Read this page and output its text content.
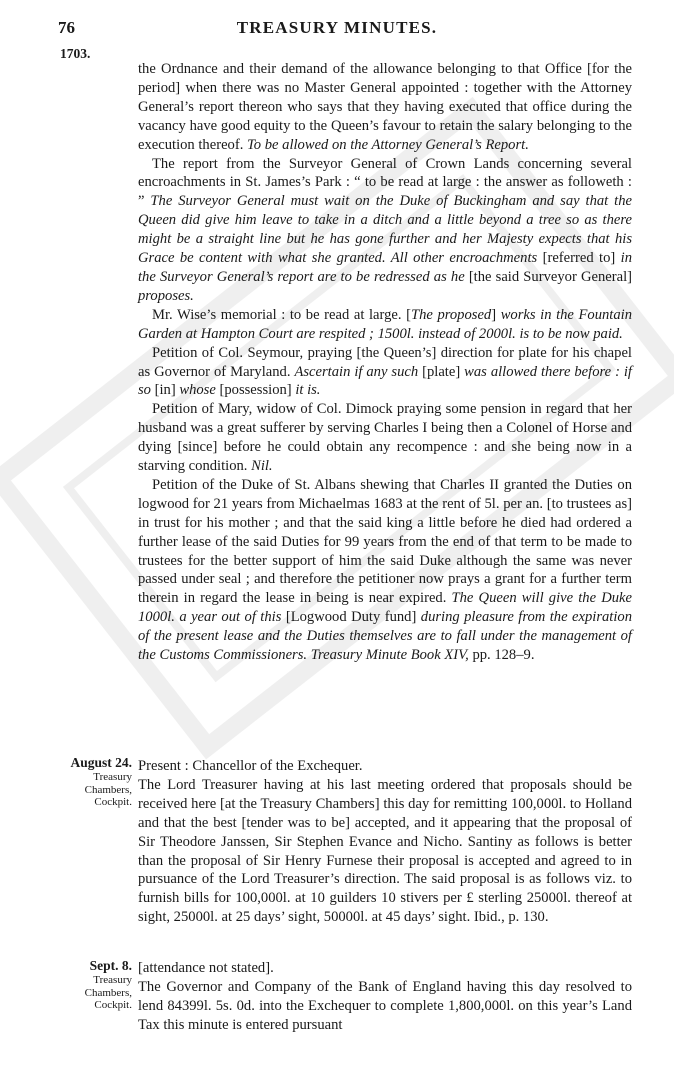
76	TREASURY MINUTES.
1703.

the Ordnance and their demand of the allowance belonging to that Office [for the period] when there was no Master General appointed : together with the Attorney General’s report thereon who says that they having executed that office during the vacancy have good equity to the Queen’s favour to retain the salary belonging to the execution thereof. To be allowed on the Attorney General’s Report.

The report from the Surveyor General of Crown Lands concerning several encroachments in St. James’s Park : “ to be read at large : the answer as followeth : ” The Surveyor General must wait on the Duke of Buckingham and say that the Queen did give him leave to take in a ditch and a little beyond a tree so as there might be a straight line but he has gone further and her Majesty expects that his Grace be content with what she granted. All other encroachments [referred to] in the Surveyor General’s report are to be redressed as he [the said Surveyor General] proposes.

Mr. Wise’s memorial : to be read at large. [The proposed] works in the Fountain Garden at Hampton Court are respited ; 1500l. instead of 2000l. is to be now paid.

Petition of Col. Seymour, praying [the Queen’s] direction for plate for his chapel as Governor of Maryland. Ascertain if any such [plate] was allowed there before : if so [in] whose [possession] it is.

Petition of Mary, widow of Col. Dimock praying some pension in regard that her husband was a great sufferer by serving Charles I being then a Colonel of Horse and dying [since] before he could obtain any recompence : and she being now in a starving condition. Nil.

Petition of the Duke of St. Albans shewing that Charles II granted the Duties on logwood for 21 years from Michaelmas 1683 at the rent of 5l. per an. [to trustees as] in trust for his mother ; and that the said king a little before he died had ordered a further lease of the said Duties for 99 years from the end of that term to be made to trustees for the better support of him the said Duke although the same was never passed under seal ; and therefore the petitioner now prays a grant for a further term therein in regard the lease in being is near expired. The Queen will give the Duke 1000l. a year out of this [Logwood Duty fund] during pleasure from the expiration of the present lease and the Duties themselves are to fall under the management of the Customs Commissioners. Treasury Minute Book XIV, pp. 128–9.

August 24.
Treasury
Chambers,
Cockpit.

Present : Chancellor of the Exchequer.

The Lord Treasurer having at his last meeting ordered that proposals should be received here [at the Treasury Chambers] this day for remitting 100,000l. to Holland and that the best [tender was to be] accepted, and it appearing that the proposal of Sir Theodore Janssen, Sir Stephen Evance and Nicho. Santiny as follows is better than the proposal of Sir Henry Furnese their proposal is accepted and agreed to in pursuance of the Lord Treasurer’s direction. The said proposal is as follows viz. to furnish bills for 100,000l. at 10 guilders 10 stivers per £ sterling 25000l. thereof at sight, 25000l. at 25 days’ sight, 50000l. at 45 days’ sight. Ibid., p. 130.

Sept. 8.
Treasury
Chambers,
Cockpit.

[attendance not stated].

The Governor and Company of the Bank of England having this day resolved to lend 84399l. 5s. 0d. into the Exchequer to complete 1,800,000l. on this year’s Land Tax this minute is entered pursuant
